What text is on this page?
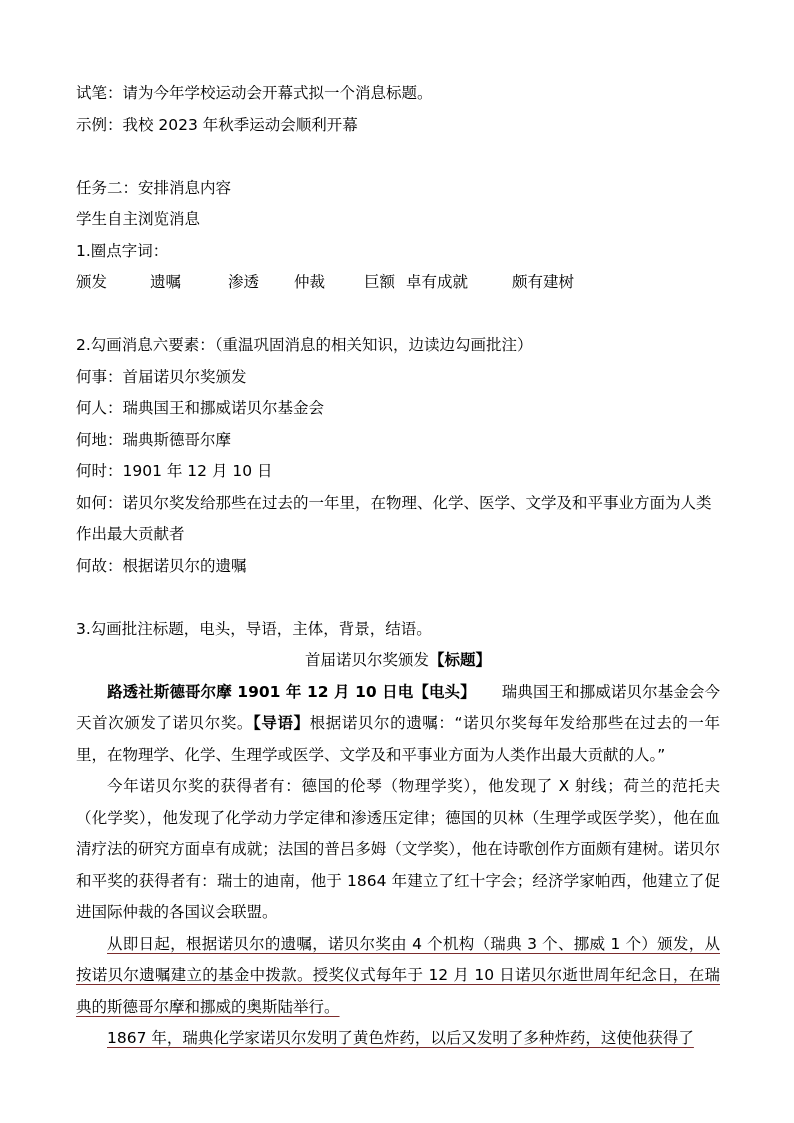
试笔：请为今年学校运动会开幕式拟一个消息标题。
示例：我校 2023 年秋季运动会顺利开幕
任务二：安排消息内容
学生自主浏览消息
1.圈点字词：
颁发	遗嘱	渗透 仲裁	巨额 卓有成就	颇有建树
2.勾画消息六要素：（重温巩固消息的相关知识，边读边勾画批注）
何事：首届诺贝尔奖颁发
何人：瑞典国王和挪威诺贝尔基金会
何地：瑞典斯德哥尔摩
何时：1901 年 12 月 10 日
如何：诺贝尔奖发给那些在过去的一年里，在物理、化学、医学、文学及和平事业方面为人类作出最大贡献者
何故：根据诺贝尔的遗嘱
3.勾画批注标题，电头，导语，主体，背景，结语。
首届诺贝尔奖颁发【标题】
路透社斯德哥尔摩 1901 年 12 月 10 日电【电头】 瑞典国王和挪威诺贝尔基金会今天首次颁发了诺贝尔奖。【导语】根据诺贝尔的遗嘱：“诺贝尔奖每年发给那些在过去的一年里，在物理学、化学、生理学或医学、文学及和平事业方面为人类作出最大贡献的人。”
今年诺贝尔奖的获得者有：德国的伦琴（物理学奖），他发现了 X 射线；荷兰的范托夫（化学奖），他发现了化学动力学定律和渗透压定律；德国的贝林（生理学或医学奖），他在血清疗法的研究方面卓有成就；法国的普吕多姆（文学奖），他在诗歌创作方面颇有建树。诺贝尔和平奖的获得者有：瑞士的迪南，他于 1864 年建立了红十字会；经济学家帕西，他建立了促进国际仲裁的各国议会联盟。
从即日起，根据诺贝尔的遗嘱，诺贝尔奖由 4 个机构（瑞典 3 个、挪威 1 个）颁发，从按诺贝尔遗嘱建立的基金中拨款。授奖仪式每年于 12 月 10 日诺贝尔逝世周年纪念日，在瑞典的斯德哥尔摩和挪威的奥斯陆举行。
1867 年，瑞典化学家诺贝尔发明了黄色炸药，以后又发明了多种炸药，这使他获得了
